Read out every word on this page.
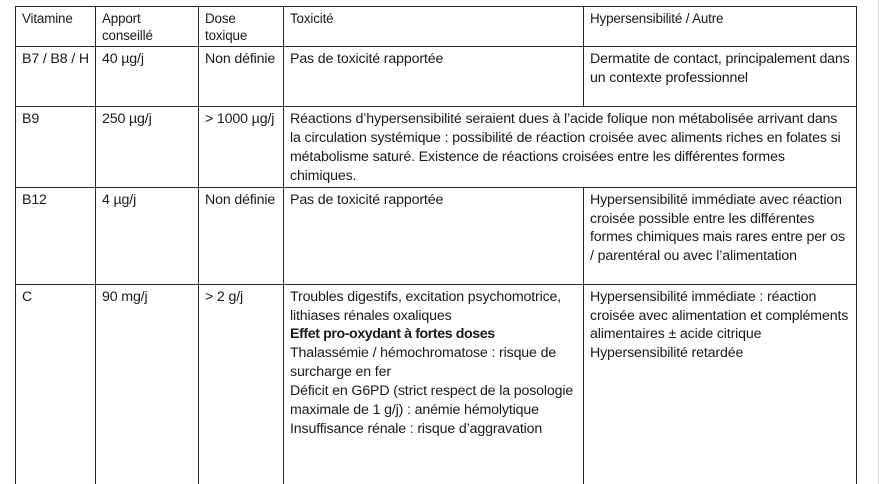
Vitamine	Apport conseillé	Dose toxique	Toxicité	Hypersensibilité / Autre
B7 / B8 / H	40 µg/j	Non définie	Pas de toxicité rapportée	Dermatite de contact, principalement dans un contexte professionnel
B9	250 µg/j	> 1000 µg/j	Réactions d’hypersensibilité seraient dues à l’acide folique non métabolisée arrivant dans la circulation systémique : possibilité de réaction croisée avec aliments riches en folates si métabolisme saturé. Existence de réactions croisées entre les différentes formes chimiques.	
B12	4 µg/j	Non définie	Pas de toxicité rapportée	Hypersensibilité immédiate avec réaction croisée possible entre les différentes formes chimiques mais rares entre per os / parentéral ou avec l’alimentation
C	90 mg/j	> 2 g/j	Troubles digestifs, excitation psychomotrice, lithiases rénales oxaliques
Effet pro-oxydant à fortes doses
Thalassémie / hémochromatose : risque de surcharge en fer
Déficit en G6PD (strict respect de la posologie maximale de 1 g/j) : anémie hémolytique
Insuffisance rénale : risque d’aggravation	Hypersensibilité immédiate : réaction croisée avec alimentation et compléments alimentaires ± acide citrique
Hypersensibilité retardée
